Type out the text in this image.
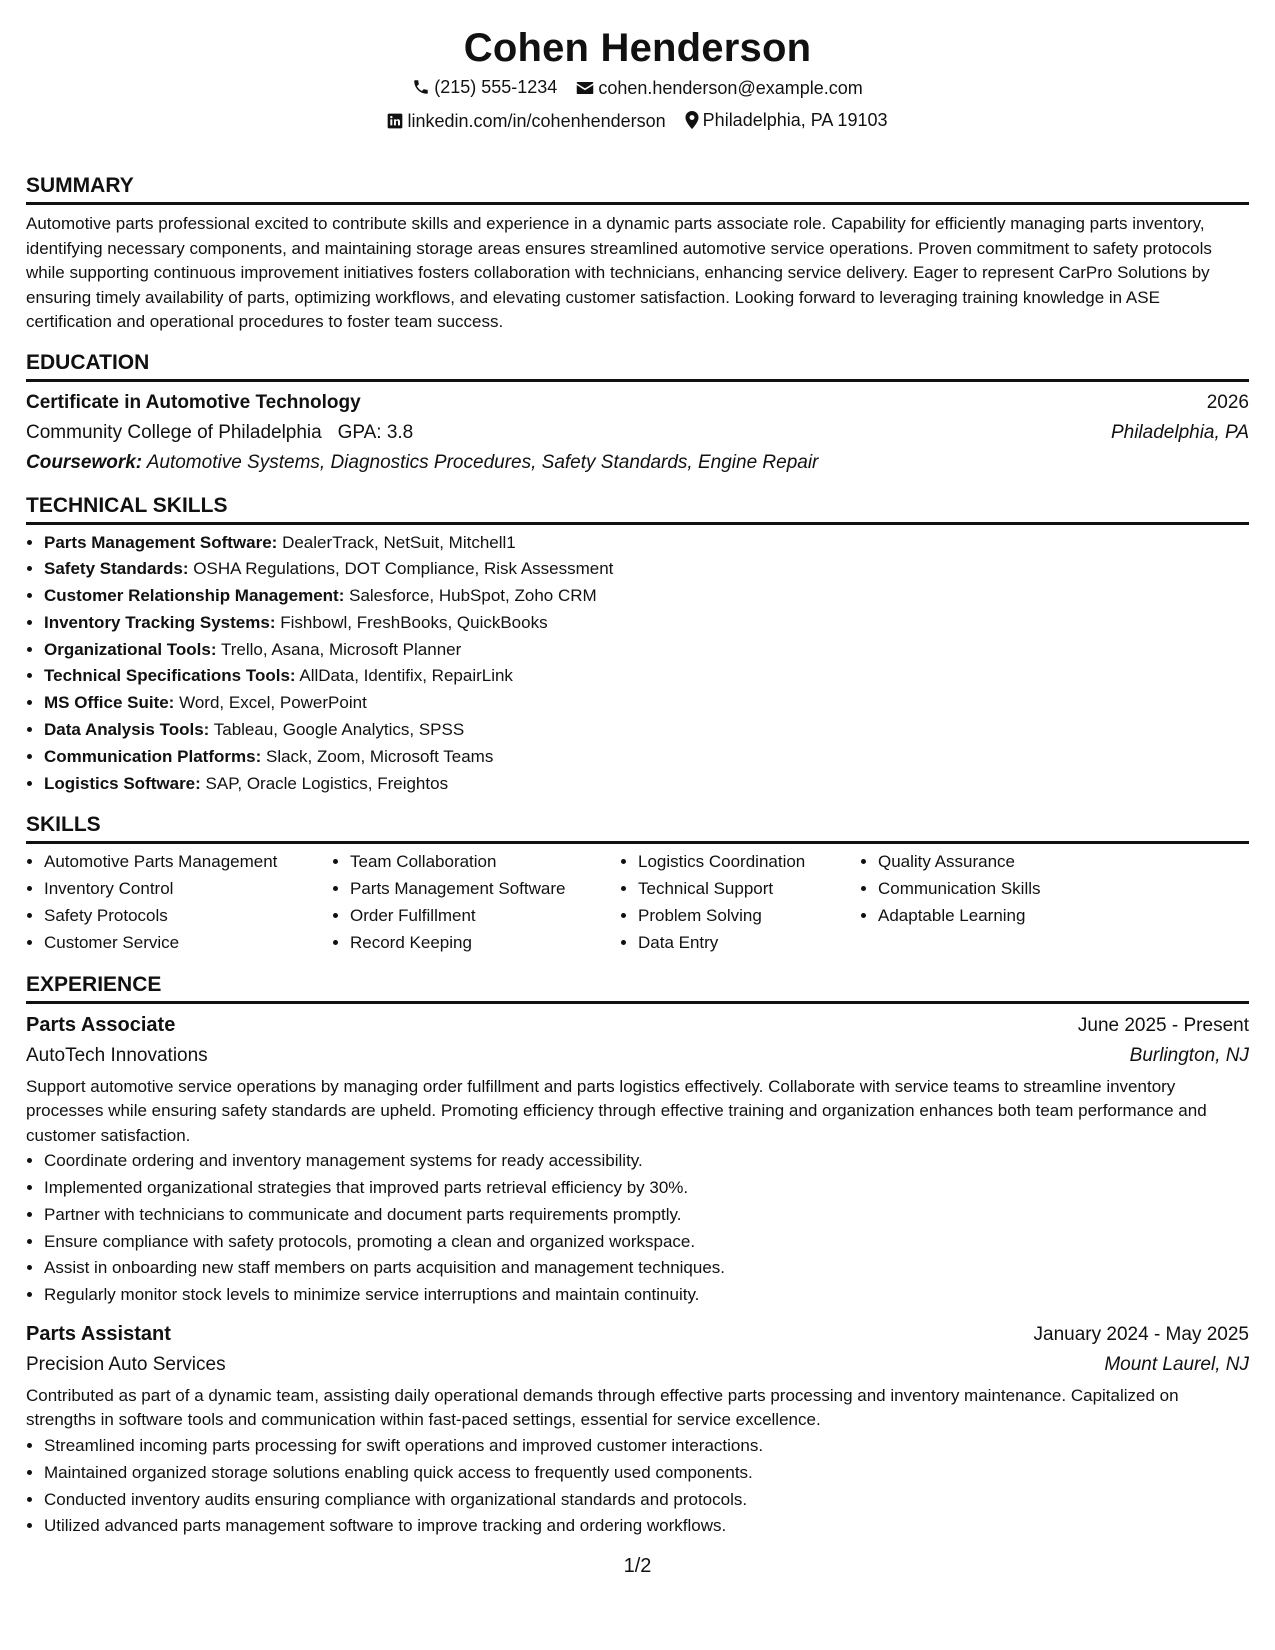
Cohen Henderson
(215) 555-1234
cohen.henderson@example.com
linkedin.com/in/cohenhenderson
Philadelphia, PA 19103
SUMMARY

Automotive parts professional excited to contribute skills and experience in a dynamic parts associate role. Capability for efficiently managing parts inventory, identifying necessary components, and maintaining storage areas ensures streamlined automotive service operations. Proven commitment to safety protocols while supporting continuous improvement initiatives fosters collaboration with technicians, enhancing service delivery. Eager to represent CarPro Solutions by ensuring timely availability of parts, optimizing workflows, and elevating customer satisfaction. Looking forward to leveraging training knowledge in ASE certification and operational procedures to foster team success.

EDUCATION
Certificate in Automotive Technology	2026
Community College of Philadelphia GPA: 3.8	Philadelphia, PA
Coursework: Automotive Systems, Diagnostics Procedures, Safety Standards, Engine Repair
TECHNICAL SKILLS
• Parts Management Software: DealerTrack, NetSuit, Mitchell1
• Safety Standards: OSHA Regulations, DOT Compliance, Risk Assessment
• Customer Relationship Management: Salesforce, HubSpot, Zoho CRM
• Inventory Tracking Systems: Fishbowl, FreshBooks, QuickBooks
• Organizational Tools: Trello, Asana, Microsoft Planner
• Technical Specifications Tools: AllData, Identifix, RepairLink
• MS Office Suite: Word, Excel, PowerPoint
• Data Analysis Tools: Tableau, Google Analytics, SPSS
• Communication Platforms: Slack, Zoom, Microsoft Teams
• Logistics Software: SAP, Oracle Logistics, Freightos
SKILLS
• Automotive Parts Management
• Inventory Control
• Safety Protocols
• Customer Service
• Team Collaboration
• Parts Management Software
• Order Fulfillment
• Record Keeping
• Logistics Coordination
• Technical Support
• Problem Solving
• Data Entry
• Quality Assurance
• Communication Skills
• Adaptable Learning
EXPERIENCE
Parts Associate	June 2025 - Present
AutoTech Innovations	Burlington, NJ

Support automotive service operations by managing order fulfillment and parts logistics effectively. Collaborate with service teams to streamline inventory processes while ensuring safety standards are upheld. Promoting efficiency through effective training and organization enhances both team performance and customer satisfaction.

• Coordinate ordering and inventory management systems for ready accessibility.
• Implemented organizational strategies that improved parts retrieval efficiency by 30%.
• Partner with technicians to communicate and document parts requirements promptly.
• Ensure compliance with safety protocols, promoting a clean and organized workspace.
• Assist in onboarding new staff members on parts acquisition and management techniques.
• Regularly monitor stock levels to minimize service interruptions and maintain continuity.
Parts Assistant	January 2024 - May 2025
Precision Auto Services	Mount Laurel, NJ

Contributed as part of a dynamic team, assisting daily operational demands through effective parts processing and inventory maintenance. Capitalized on strengths in software tools and communication within fast-paced settings, essential for service excellence.

• Streamlined incoming parts processing for swift operations and improved customer interactions.
• Maintained organized storage solutions enabling quick access to frequently used components.
• Conducted inventory audits ensuring compliance with organizational standards and protocols.
• Utilized advanced parts management software to improve tracking and ordering workflows.
1/2
